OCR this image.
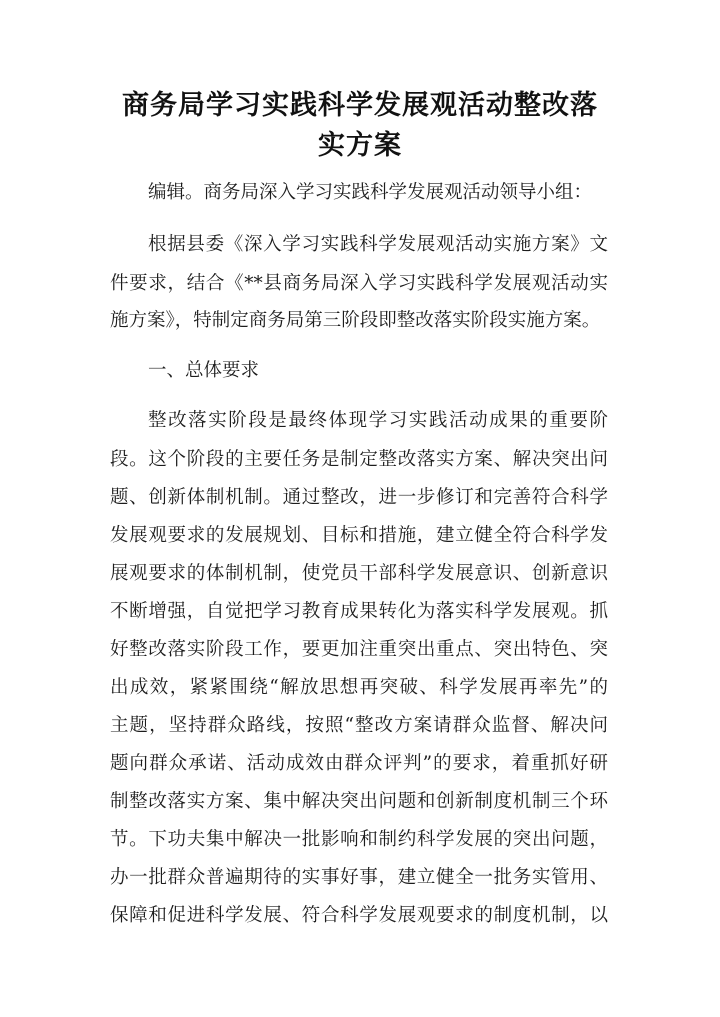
商务局学习实践科学发展观活动整改落实方案
编辑。商务局深入学习实践科学发展观活动领导小组：
根据县委《深入学习实践科学发展观活动实施方案》文
件要求，结合《**县商务局深入学习实践科学发展观活动实
施方案》，特制定商务局第三阶段即整改落实阶段实施方案。
一、总体要求
整改落实阶段是最终体现学习实践活动成果的重要阶
段。这个阶段的主要任务是制定整改落实方案、解决突出问
题、创新体制机制。通过整改，进一步修订和完善符合科学
发展观要求的发展规划、目标和措施，建立健全符合科学发
展观要求的体制机制，使党员干部科学发展意识、创新意识
不断增强，自觉把学习教育成果转化为落实科学发展观。抓
好整改落实阶段工作，要更加注重突出重点、突出特色、突
出成效，紧紧围绕“解放思想再突破、科学发展再率先”的
主题，坚持群众路线，按照“整改方案请群众监督、解决问
题向群众承诺、活动成效由群众评判”的要求，着重抓好研
制整改落实方案、集中解决突出问题和创新制度机制三个环
节。下功夫集中解决一批影响和制约科学发展的突出问题，
办一批群众普遍期待的实事好事，建立健全一批务实管用、
保障和促进科学发展、符合科学发展观要求的制度机制，以
